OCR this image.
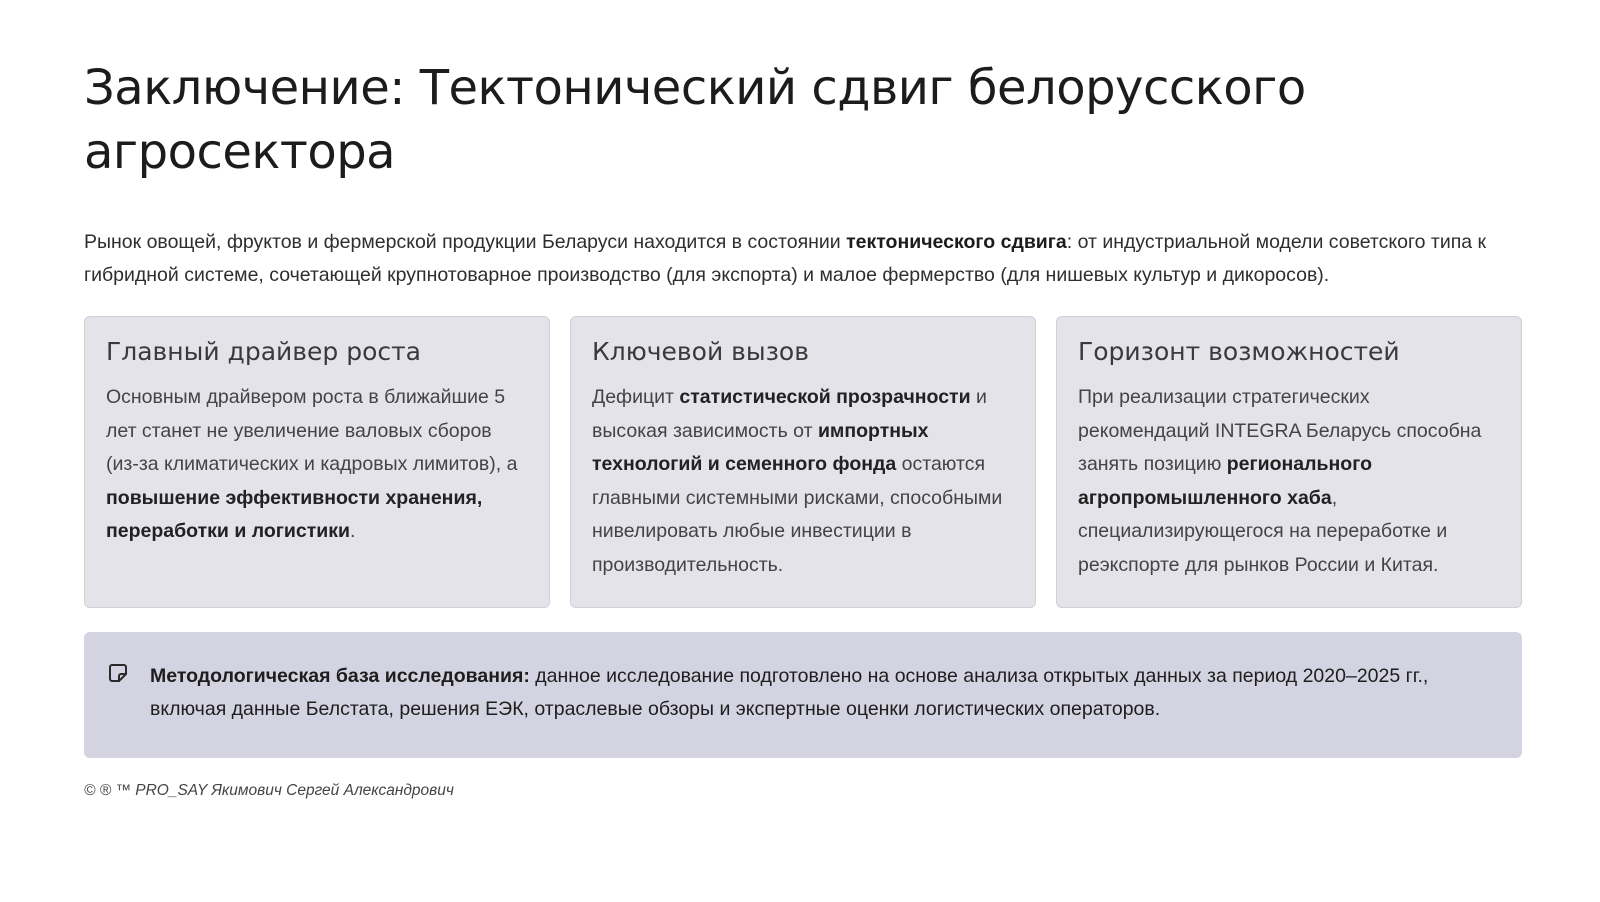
Заключение: Тектонический сдвиг белорусского агросектора

Рынок овощей, фруктов и фермерской продукции Беларуси находится в состоянии тектонического сдвига: от индустриальной модели советского типа к гибридной системе, сочетающей крупнотоварное производство (для экспорта) и малое фермерство (для нишевых культур и дикоросов).

Главный драйвер роста
Основным драйвером роста в ближайшие 5 лет станет не увеличение валовых сборов (из-за климатических и кадровых лимитов), а повышение эффективности хранения, переработки и логистики.
Ключевой вызов
Дефицит статистической прозрачности и высокая зависимость от импортных технологий и семенного фонда остаются главными системными рисками, способными нивелировать любые инвестиции в производительность.
Горизонт возможностей
При реализации стратегических рекомендаций INTEGRA Беларусь способна занять позицию регионального агропромышленного хаба, специализирующегося на переработке и реэкспорте для рынков России и Китая.
Методологическая база исследования: данное исследование подготовлено на основе анализа открытых данных за период 2020–2025 гг., включая данные Белстата, решения ЕЭК, отраслевые обзоры и экспертные оценки логистических операторов.
© ® ™ PRO_SAY Якимович Сергей Александрович
